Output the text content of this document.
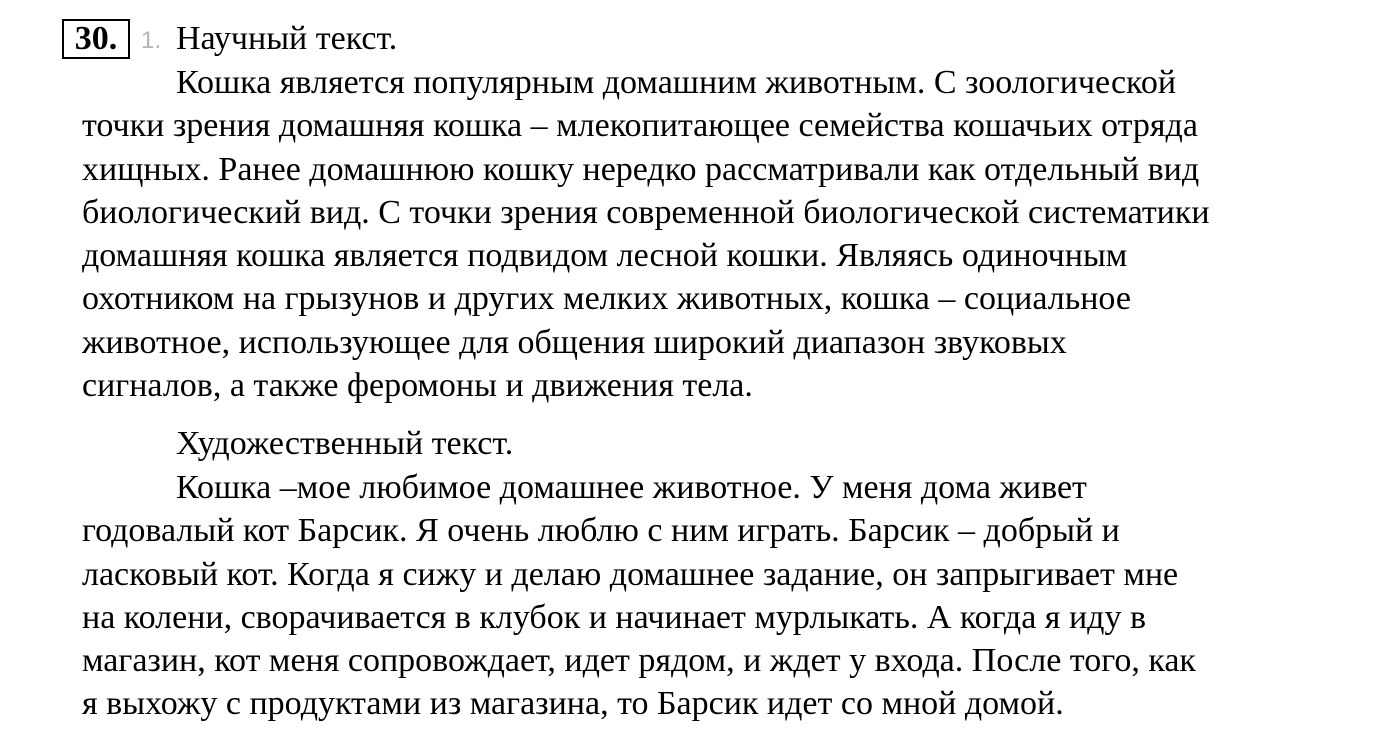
30. 1. Научный текст.

Кошка является популярным домашним животным. С зоологической
точки зрения домашняя кошка – млекопитающее семейства кошачьих отряда
хищных. Ранее домашнюю кошку нередко рассматривали как отдельный вид
биологический вид. С точки зрения современной биологической систематики
домашняя кошка является подвидом лесной кошки. Являясь одиночным
охотником на грызунов и других мелких животных, кошка – социальное
животное, использующее для общения широкий диапазон звуковых
сигналов, а также феромоны и движения тела.

Художественный текст.

Кошка –мое любимое домашнее животное. У меня дома живет
годовалый кот Барсик. Я очень люблю с ним играть. Барсик – добрый и
ласковый кот. Когда я сижу и делаю домашнее задание, он запрыгивает мне
на колени, сворачивается в клубок и начинает мурлыкать. А когда я иду в
магазин, кот меня сопровождает, идет рядом, и ждет у входа. После того, как
я выхожу с продуктами из магазина, то Барсик идет со мной домой.
